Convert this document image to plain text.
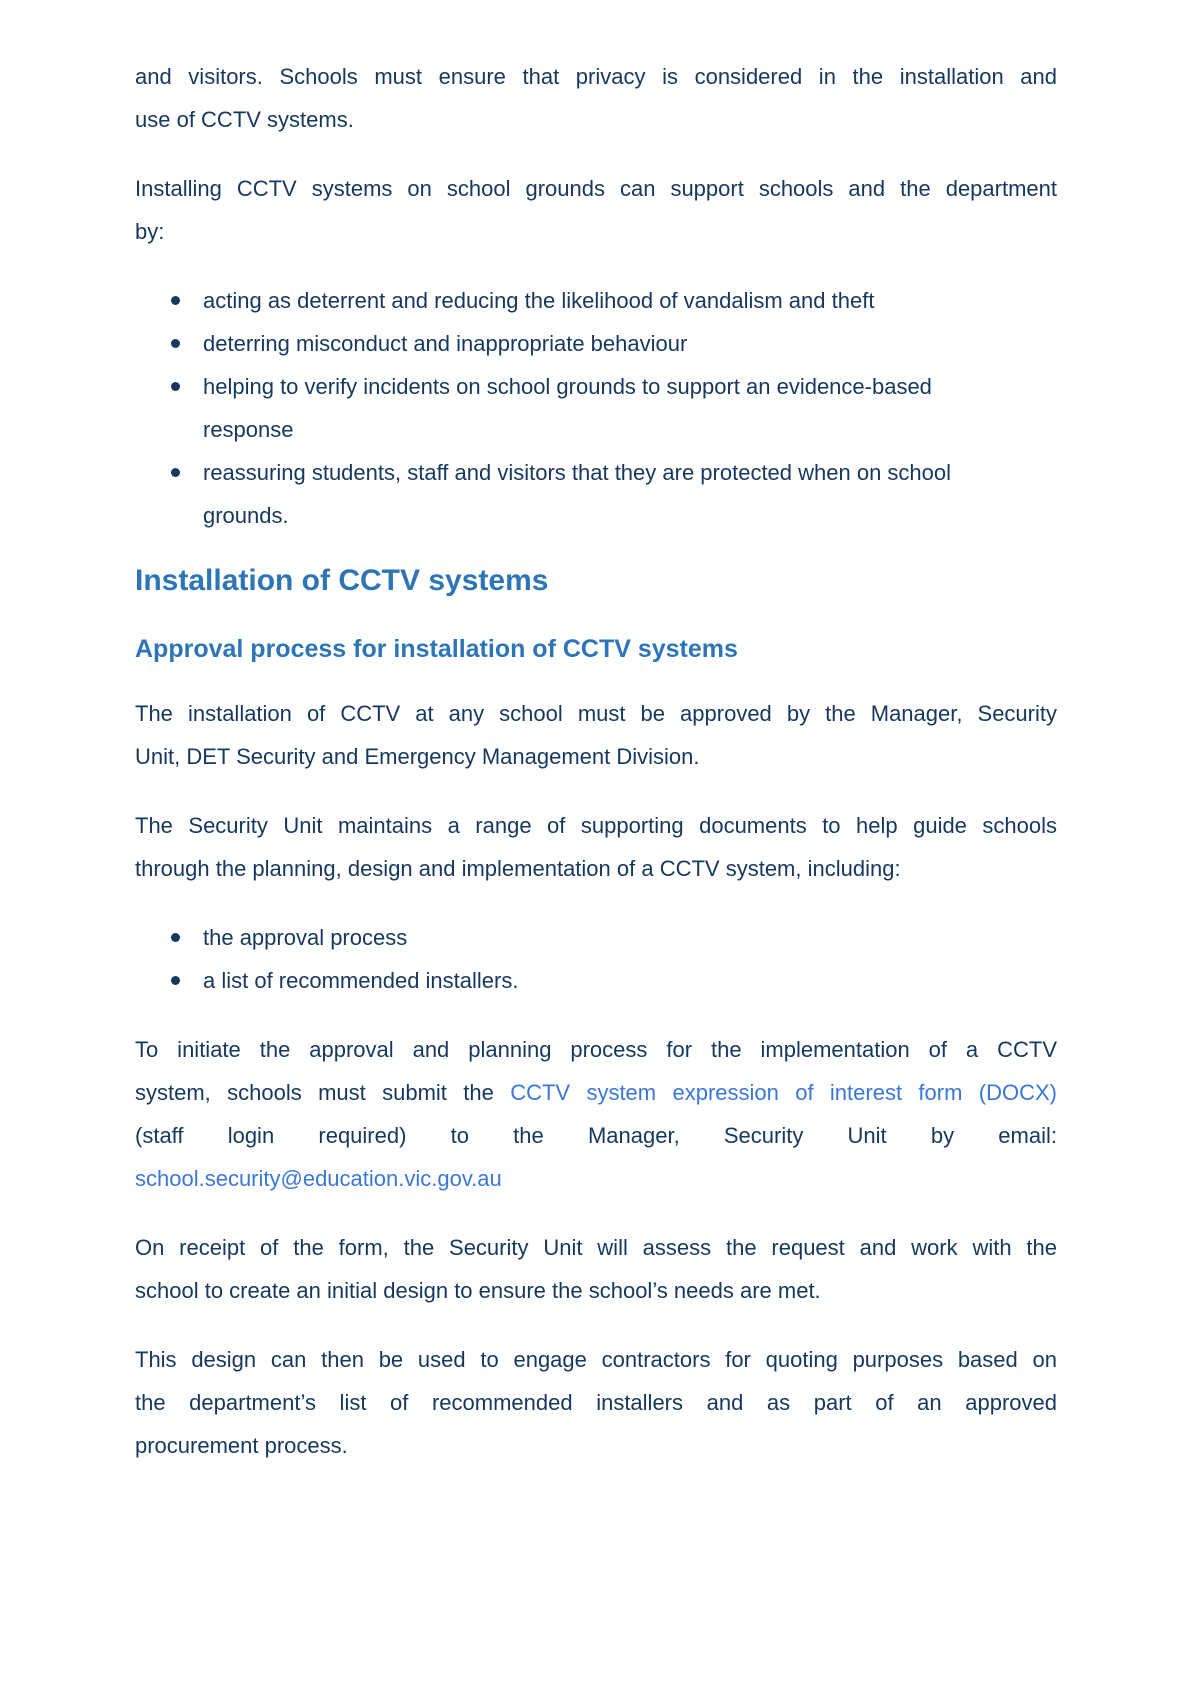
and visitors. Schools must ensure that privacy is considered in the installation and
use of CCTV systems.
Installing CCTV systems on school grounds can support schools and the department
by:
acting as deterrent and reducing the likelihood of vandalism and theft
deterring misconduct and inappropriate behaviour
helping to verify incidents on school grounds to support an evidence-based
response
reassuring students, staff and visitors that they are protected when on school
grounds.
Installation of CCTV systems
Approval process for installation of CCTV systems
The installation of CCTV at any school must be approved by the Manager, Security
Unit, DET Security and Emergency Management Division.
The Security Unit maintains a range of supporting documents to help guide schools
through the planning, design and implementation of a CCTV system, including:
the approval process
a list of recommended installers.
To initiate the approval and planning process for the implementation of a CCTV
system, schools must submit the CCTV system expression of interest form (DOCX)
(staff login required) to the Manager, Security Unit by email:
school.security@education.vic.gov.au
On receipt of the form, the Security Unit will assess the request and work with the
school to create an initial design to ensure the school’s needs are met.
This design can then be used to engage contractors for quoting purposes based on
the department’s list of recommended installers and as part of an approved
procurement process.
